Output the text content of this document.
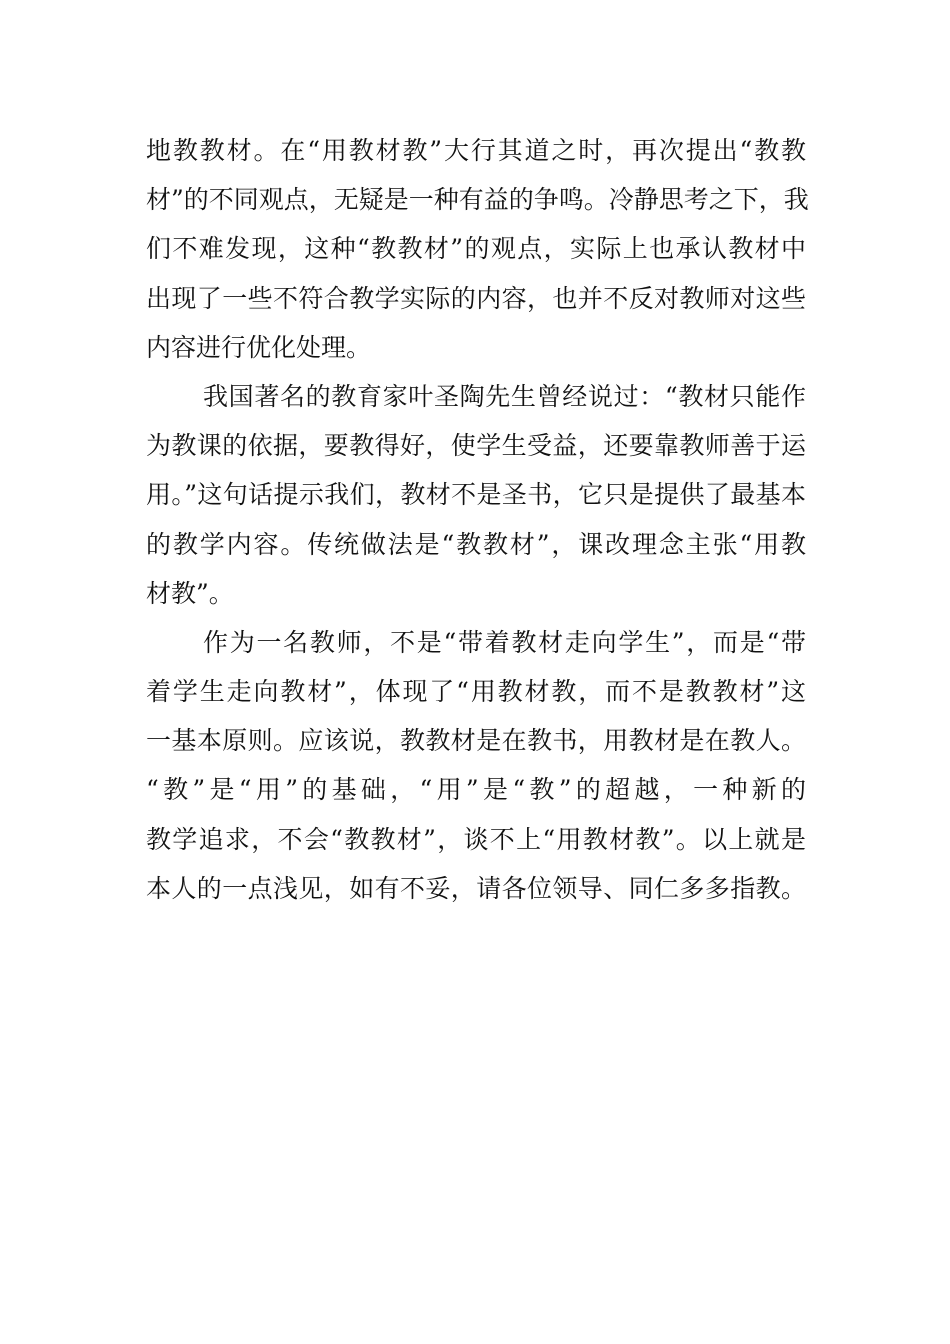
地教教材。在“用教材教”大行其道之时，再次提出“教教
材”的不同观点，无疑是一种有益的争鸣。冷静思考之下，我
们不难发现，这种“教教材”的观点，实际上也承认教材中
出现了一些不符合教学实际的内容，也并不反对教师对这些
内容进行优化处理。
我国著名的教育家叶圣陶先生曾经说过：“教材只能作
为教课的依据，要教得好，使学生受益，还要靠教师善于运
用。”这句话提示我们，教材不是圣书，它只是提供了最基本
的教学内容。传统做法是“教教材”，课改理念主张“用教
材教”。
作为一名教师，不是“带着教材走向学生”，而是“带
着学生走向教材”，体现了“用教材教，而不是教教材”这
一基本原则。应该说，教教材是在教书，用教材是在教人。
“教”是“用”的基础，“用”是“教”的超越，一种新的
教学追求，不会“教教材”，谈不上“用教材教”。以上就是
本人的一点浅见，如有不妥，请各位领导、同仁多多指教。
